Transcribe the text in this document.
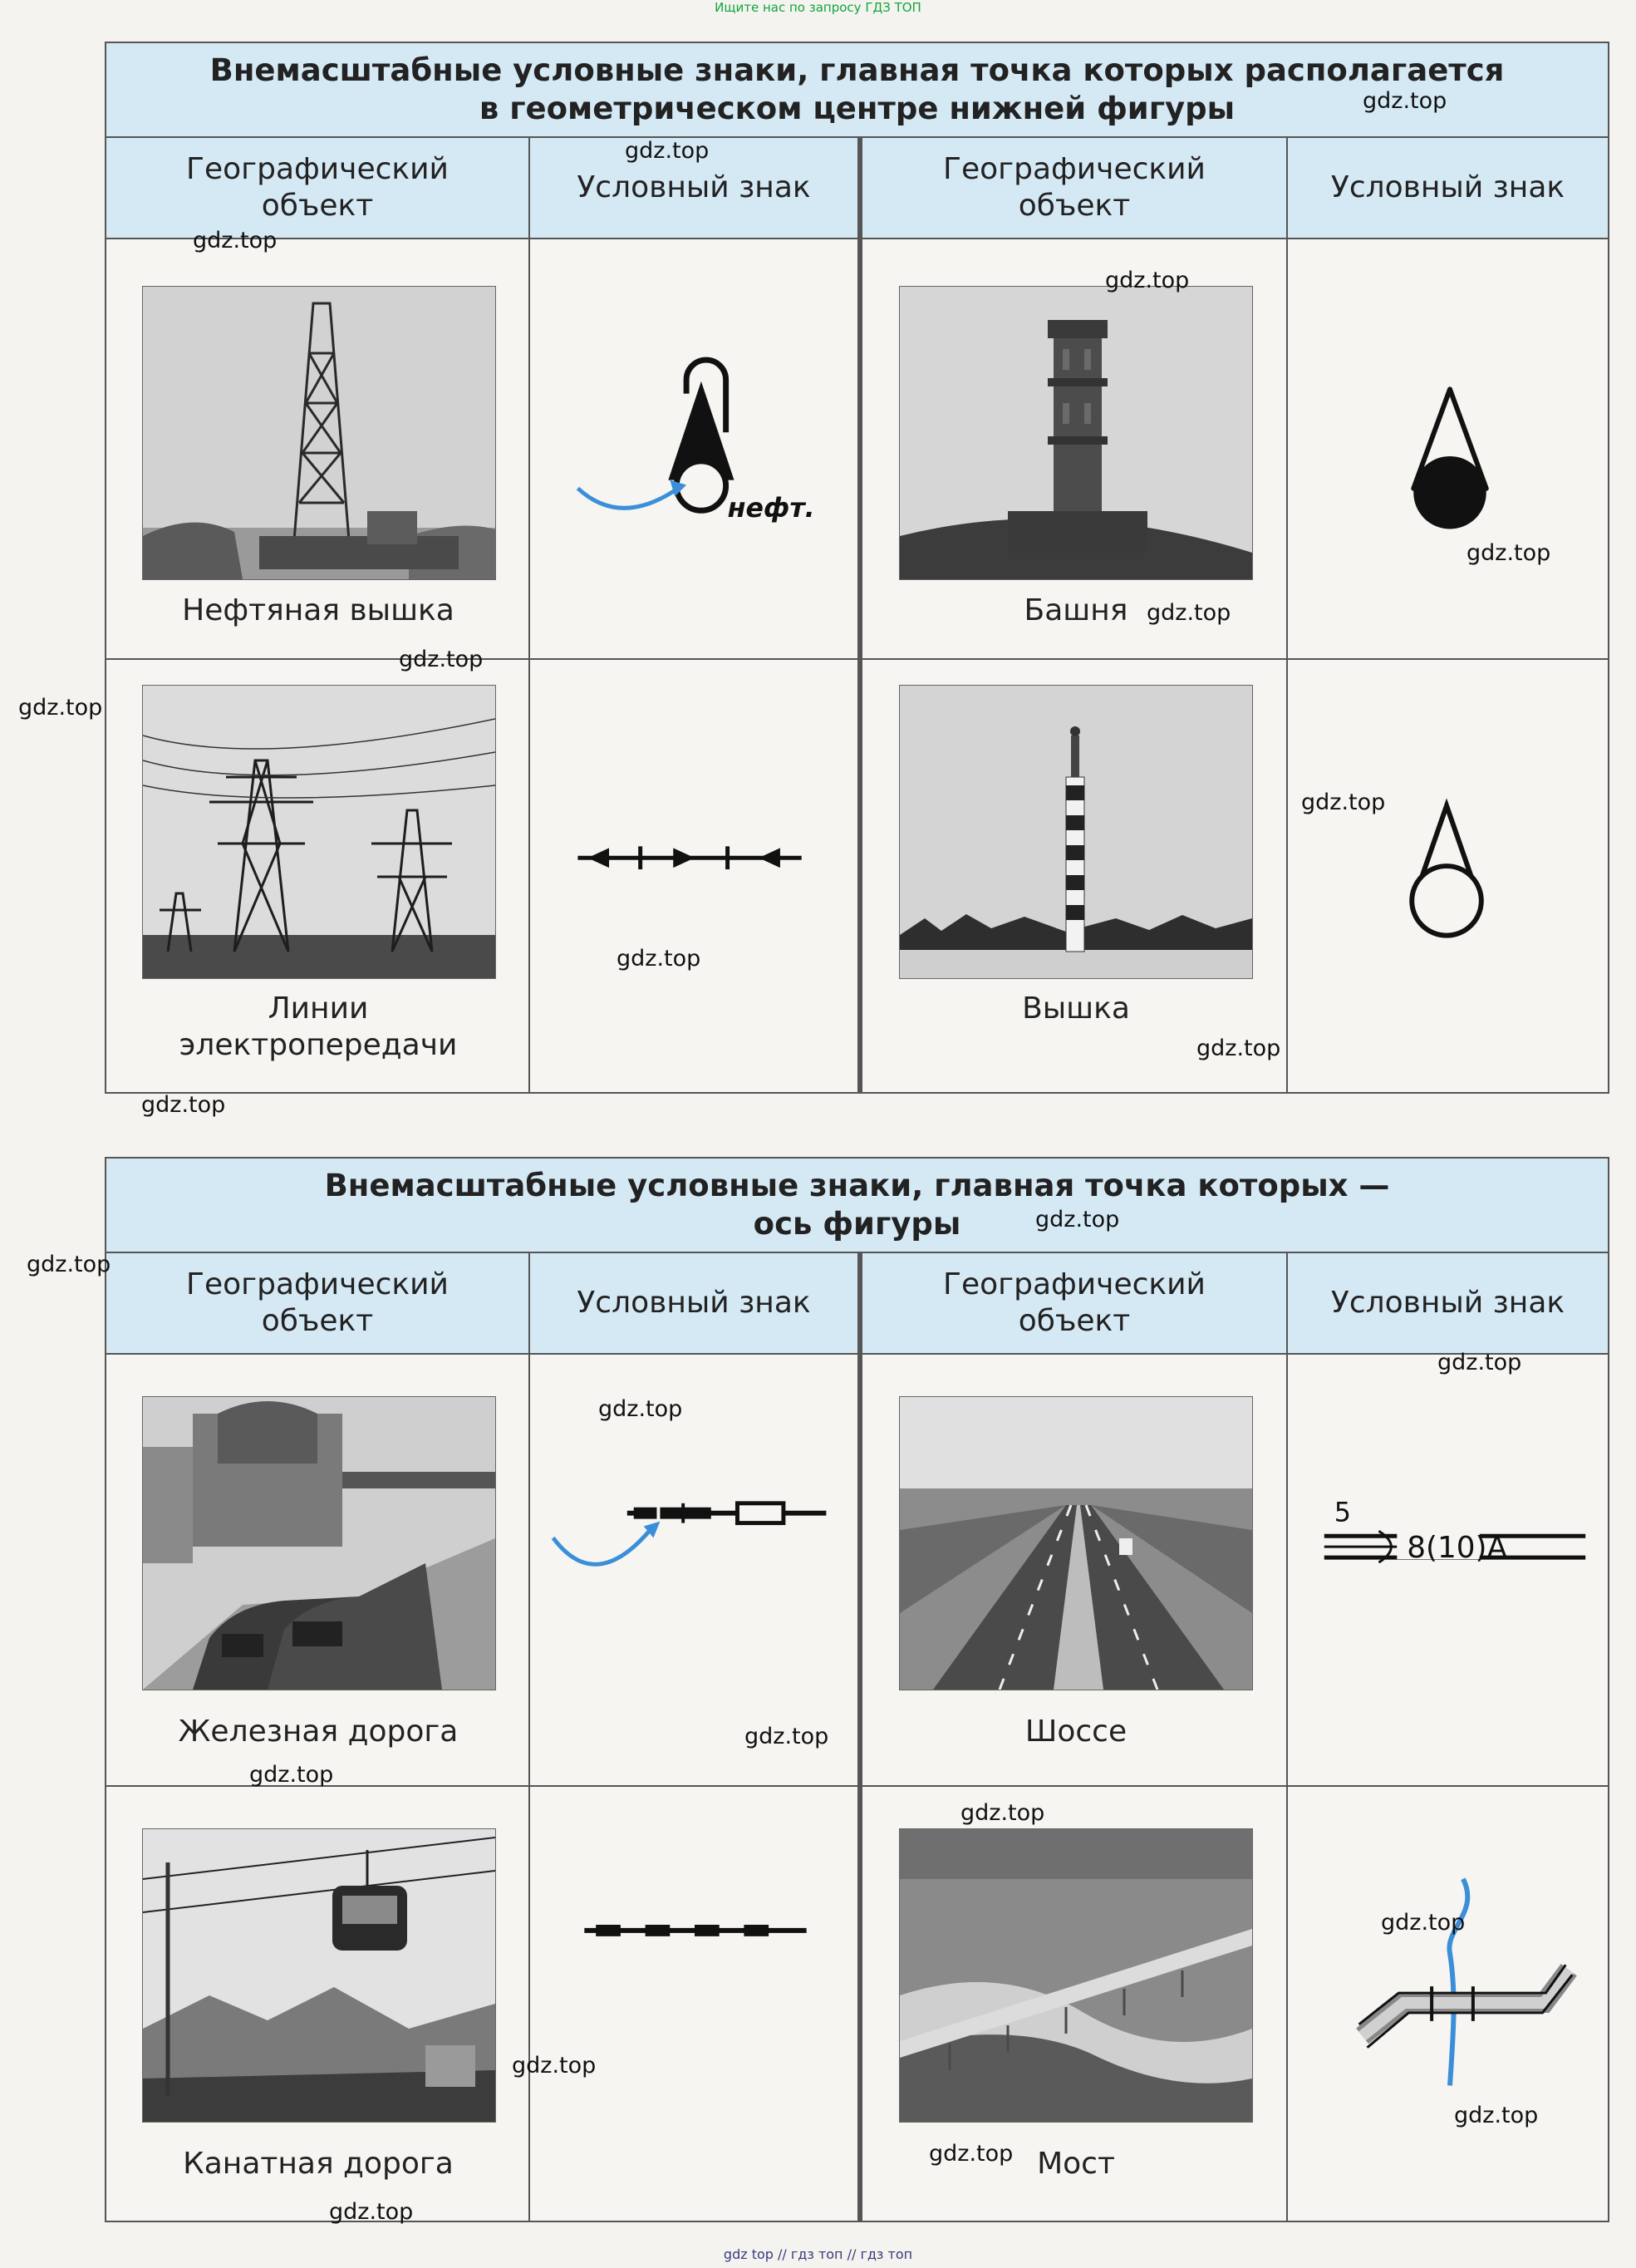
Ищите нас по запросу ГДЗ ТОП
Внемасштабные условные знаки, главная точка которых располагается
в геометрическом центре нижней фигуры			

Географический объект	Условный знак	Географический объект	Условный знак

Нефтяная вышка	нефт.	Башня

Линии
электропередачи		Вышка

Внемасштабные условные знаки, главная точка которых —
ось фигуры			

Географический объект	Условный знак	Географический объект	Условный знак

Железная дорога		Шоссе	5
8(10)А

Канатная дорога		Мост

gdz.top
gdz.top
gdz.top
gdz.top
gdz.top
gdz.top
gdz.top
gdz.top
gdz.top
gdz.top
gdz.top
gdz.top
gdz.top
gdz.top
gdz.top
gdz.top
gdz.top
gdz.top
gdz.top
gdz.top
gdz.top
gdz.top
gdz.top
gdz.top
gdz top // гдз топ // гдз топ
